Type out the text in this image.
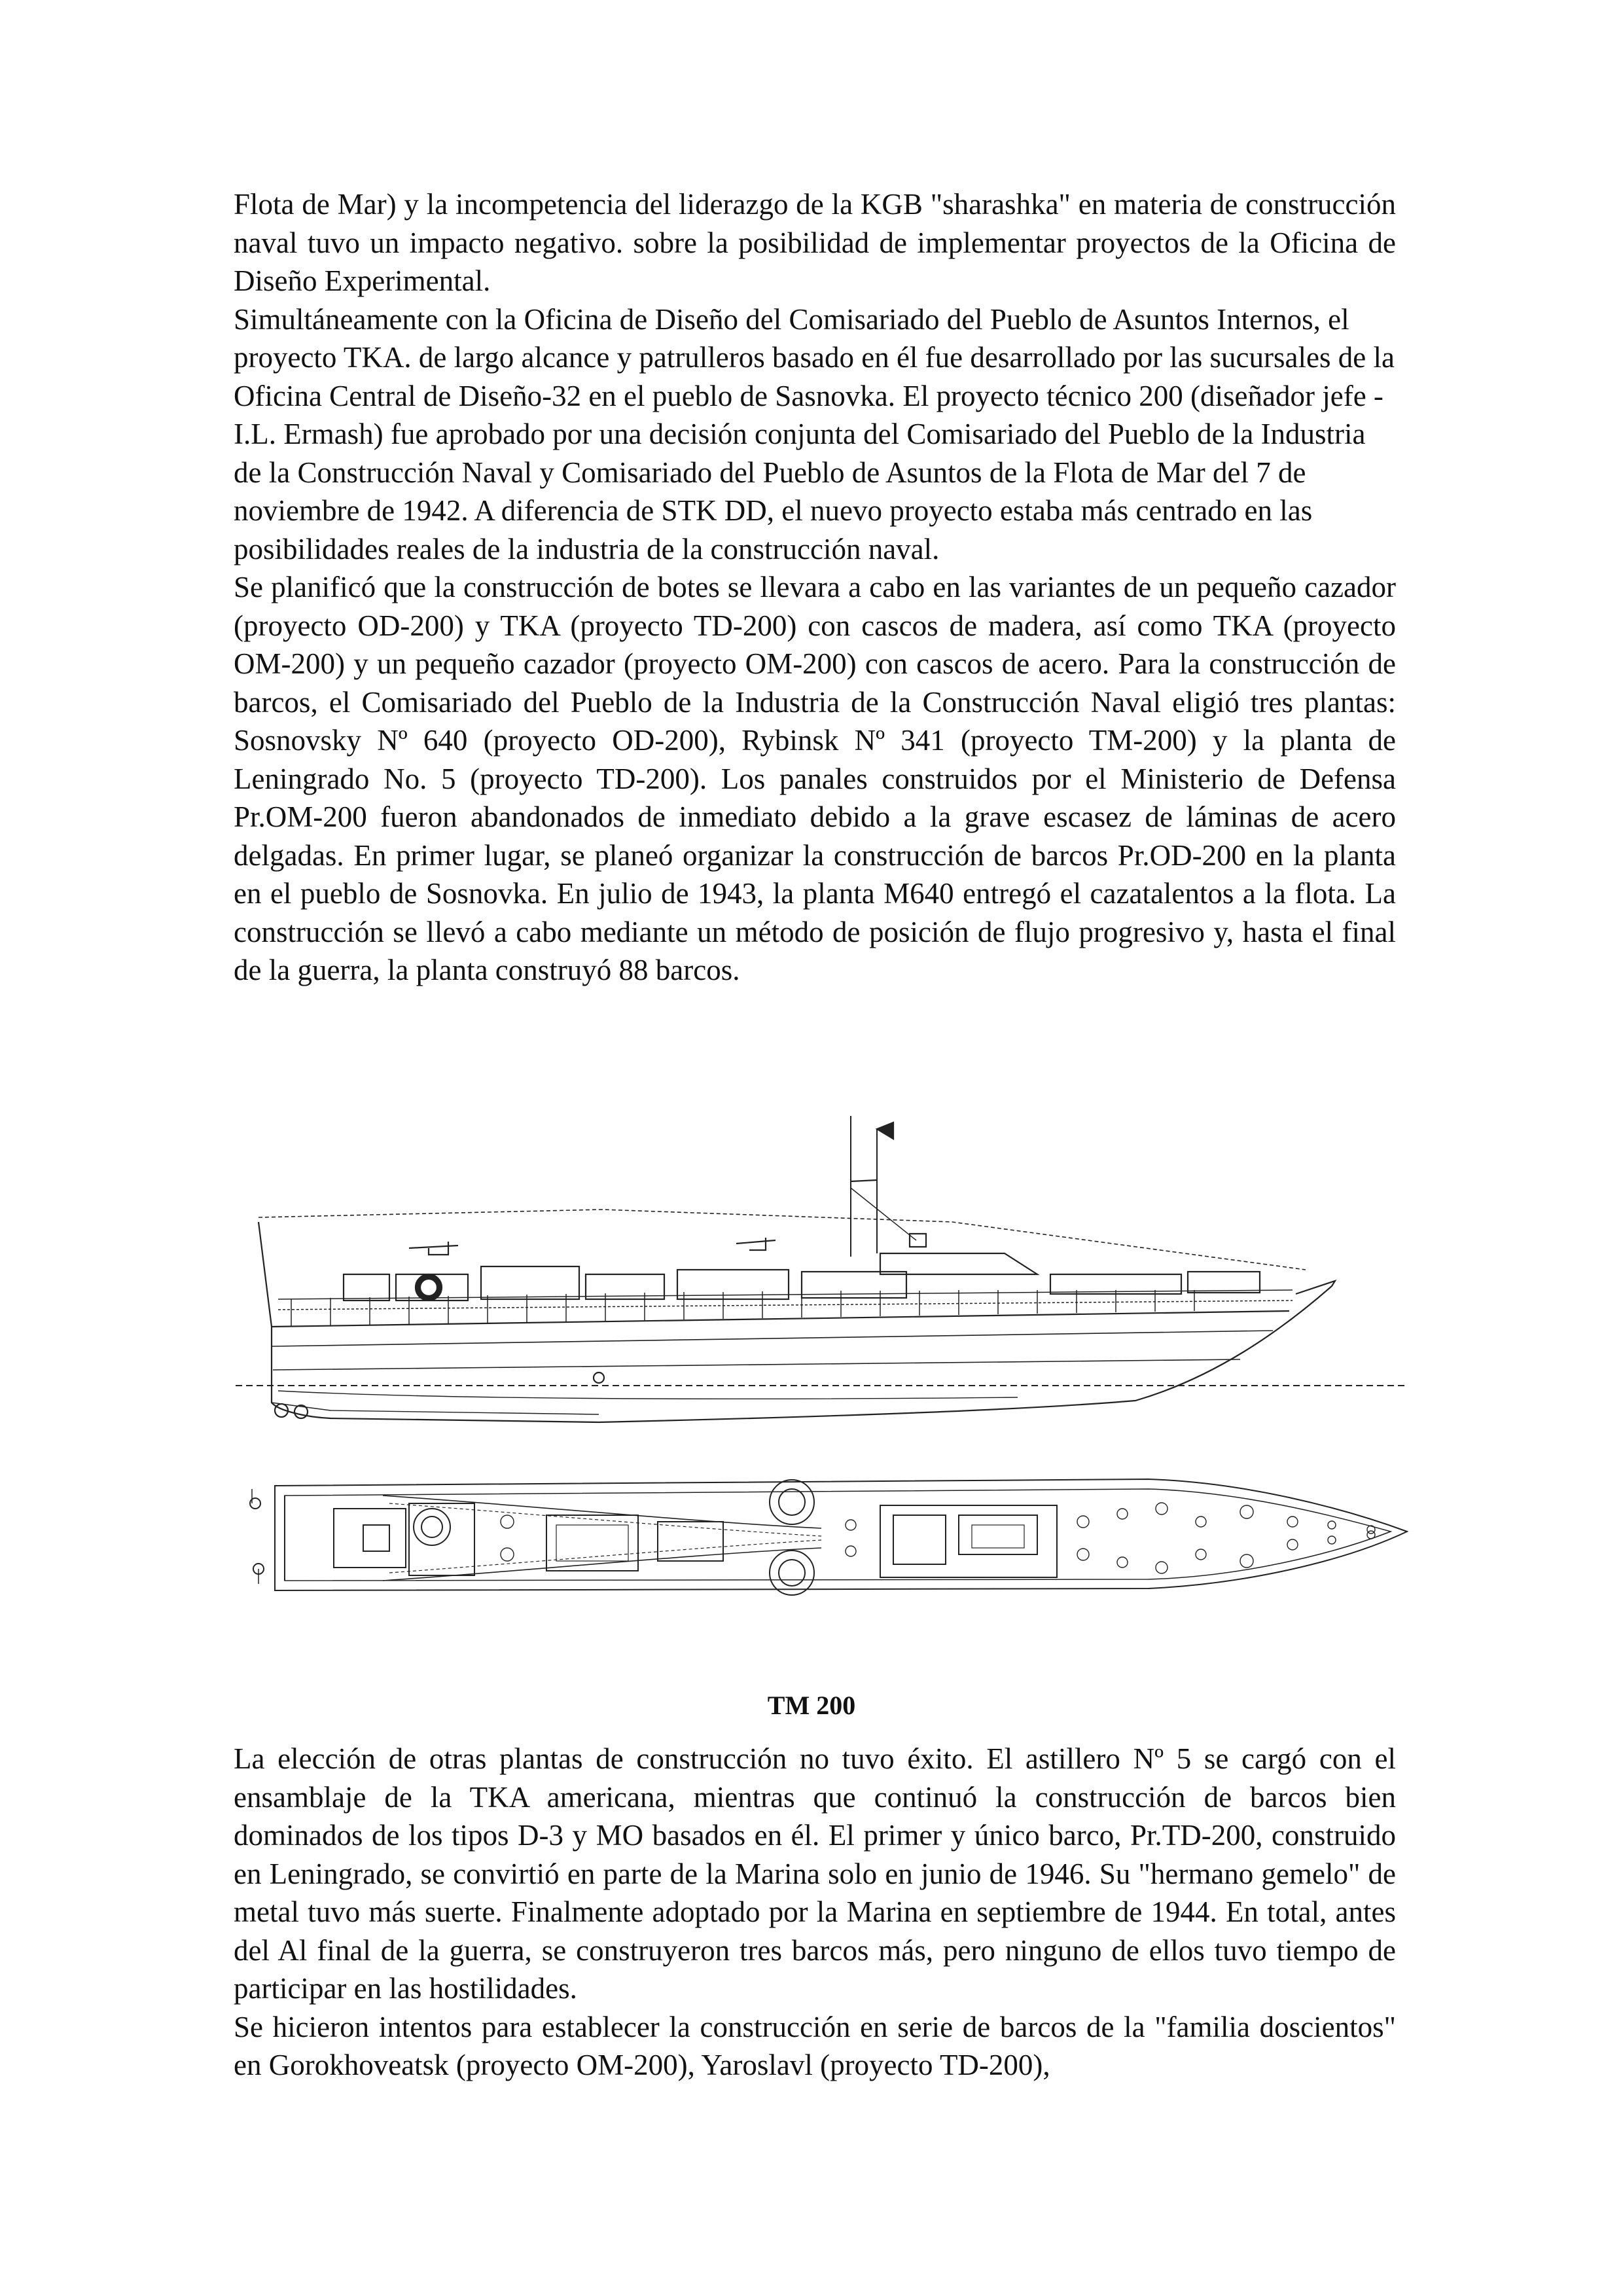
Flota de Mar) y la incompetencia del liderazgo de la KGB "sharashka" en materia de construcción naval tuvo un impacto negativo. sobre la posibilidad de implementar proyectos de la Oficina de Diseño Experimental.

Simultáneamente con la Oficina de Diseño del Comisariado del Pueblo de Asuntos Internos, el proyecto TKA. de largo alcance y patrulleros basado en él fue desarrollado por las sucursales de la Oficina Central de Diseño-32 en el pueblo de Sasnovka. El proyecto técnico 200 (diseñador jefe - I.L. Ermash) fue aprobado por una decisión conjunta del Comisariado del Pueblo de la Industria de la Construcción Naval y Comisariado del Pueblo de Asuntos de la Flota de Mar del 7 de noviembre de 1942. A diferencia de STK DD, el nuevo proyecto estaba más centrado en las posibilidades reales de la industria de la construcción naval.

Se planificó que la construcción de botes se llevara a cabo en las variantes de un pequeño cazador (proyecto OD-200) y TKA (proyecto TD-200) con cascos de madera, así como TKA (proyecto OM-200) y un pequeño cazador (proyecto OM-200) con cascos de acero. Para la construcción de barcos, el Comisariado del Pueblo de la Industria de la Construcción Naval eligió tres plantas: Sosnovsky Nº 640 (proyecto OD-200), Rybinsk Nº 341 (proyecto TM-200) y la planta de Leningrado No. 5 (proyecto TD-200). Los panales construidos por el Ministerio de Defensa Pr.OM-200 fueron abandonados de inmediato debido a la grave escasez de láminas de acero delgadas. En primer lugar, se planeó organizar la construcción de barcos Pr.OD-200 en la planta en el pueblo de Sosnovka. En julio de 1943, la planta M640 entregó el cazatalentos a la flota. La construcción se llevó a cabo mediante un método de posición de flujo progresivo y, hasta el final de la guerra, la planta construyó 88 barcos.

TM 200

La elección de otras plantas de construcción no tuvo éxito. El astillero Nº 5 se cargó con el ensamblaje de la TKA americana, mientras que continuó la construcción de barcos bien dominados de los tipos D-3 y MO basados en él. El primer y único barco, Pr.TD-200, construido en Leningrado, se convirtió en parte de la Marina solo en junio de 1946. Su "hermano gemelo" de metal tuvo más suerte. Finalmente adoptado por la Marina en septiembre de 1944. En total, antes del Al final de la guerra, se construyeron tres barcos más, pero ninguno de ellos tuvo tiempo de participar en las hostilidades.

Se hicieron intentos para establecer la construcción en serie de barcos de la "familia doscientos" en Gorokhoveatsk (proyecto OM-200), Yaroslavl (proyecto TD-200),
